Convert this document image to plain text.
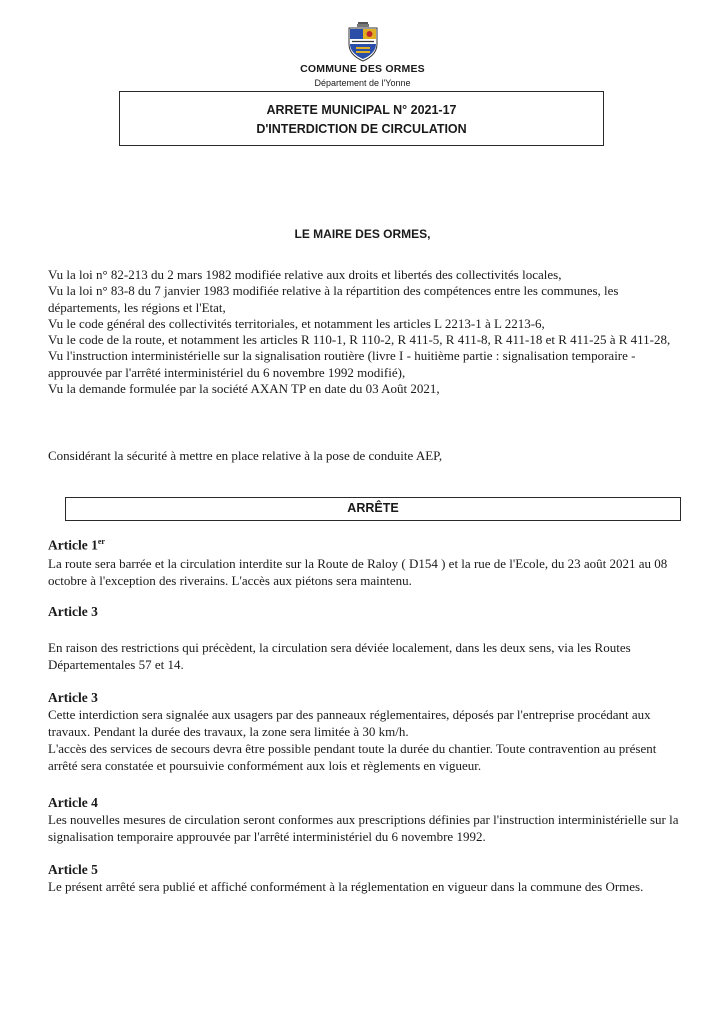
COMMUNE DES ORMES
Département de l'Yonne
ARRETE MUNICIPAL N° 2021-17
D'INTERDICTION DE CIRCULATION
LE MAIRE DES ORMES,
Vu la loi n° 82-213 du 2 mars 1982 modifiée relative aux droits et libertés des collectivités locales,
Vu la loi n° 83-8 du 7 janvier 1983 modifiée relative à la répartition des compétences entre les communes, les départements, les régions et l'Etat,
Vu le code général des collectivités territoriales, et notamment les articles L 2213-1 à L 2213-6,
Vu le code de la route, et notamment les articles R 110-1, R 110-2, R 411-5, R 411-8, R 411-18 et R 411-25 à R 411-28,
Vu l'instruction interministérielle sur la signalisation routière (livre I - huitième partie : signalisation temporaire - approuvée par l'arrêté interministériel du 6 novembre 1992 modifié),
Vu la demande formulée par la société AXAN TP en date du 03 Août 2021,
Considérant la sécurité à mettre en place relative à la pose de conduite AEP,
ARRÊTE
Article 1er
La route sera barrée et la circulation interdite sur la Route de Raloy ( D154 ) et la rue de l'Ecole, du 23 août 2021 au 08 octobre à l'exception des riverains. L'accès aux piétons sera maintenu.
Article 3
En raison des restrictions qui précèdent, la circulation sera déviée localement, dans les deux sens, via les Routes Départementales 57 et 14.
Article 3
Cette interdiction sera signalée aux usagers par des panneaux réglementaires, déposés par l'entreprise procédant aux travaux. Pendant la durée des travaux, la zone sera limitée à 30 km/h.
L'accès des services de secours devra être possible pendant toute la durée du chantier. Toute contravention au présent arrêté sera constatée et poursuivie conformément aux lois et règlements en vigueur.
Article 4
Les nouvelles mesures de circulation seront conformes aux prescriptions définies par l'instruction interministérielle sur la signalisation temporaire approuvée par l'arrêté interministériel du 6 novembre 1992.
Article 5
Le présent arrêté sera publié et affiché conformément à la réglementation en vigueur dans la commune des Ormes.
